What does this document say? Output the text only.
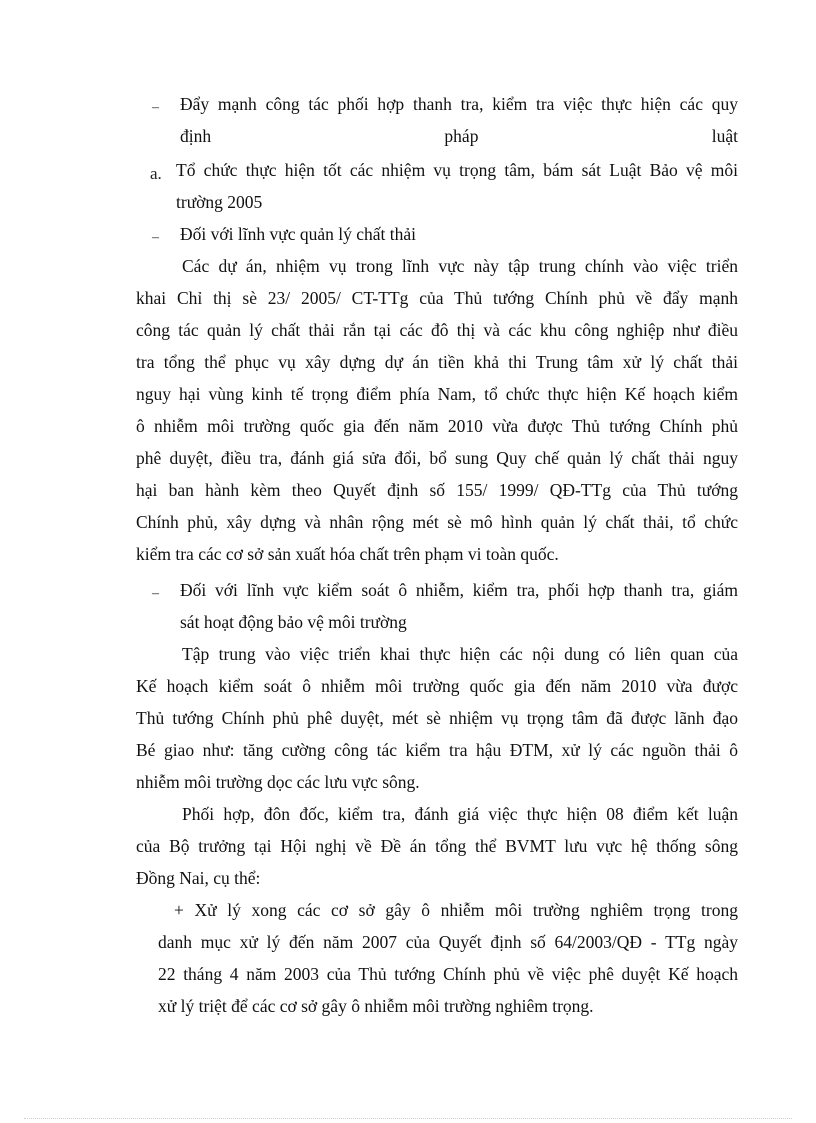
– Đẩy mạnh công tác phối hợp thanh tra, kiểm tra việc thực hiện các quy
định pháp luật
a. Tổ chức thực hiện tốt các nhiệm vụ trọng tâm, bám sát Luật Bảo vệ môi
trường 2005
– Đối với lĩnh vực quản lý chất thải
Các dự án, nhiệm vụ trong lĩnh vực này tập trung chính vào việc triển
khai Chỉ thị sè 23/ 2005/ CT-TTg của Thủ tướng Chính phủ về đẩy mạnh
công tác quản lý chất thải rắn tại các đô thị và các khu công nghiệp như điều
tra tổng thể phục vụ xây dựng dự án tiền khả thi Trung tâm xử lý chất thải
nguy hại vùng kinh tế trọng điểm phía Nam, tổ chức thực hiện Kế hoạch kiểm
ô nhiễm môi trường quốc gia đến năm 2010 vừa được Thủ tướng Chính phủ
phê duyệt, điều tra, đánh giá sửa đổi, bổ sung Quy chế quản lý chất thải nguy
hại ban hành kèm theo Quyết định số 155/ 1999/ QĐ-TTg của Thủ tướng
Chính phủ, xây dựng và nhân rộng mét sè mô hình quản lý chất thải, tổ chức
kiểm tra các cơ sở sản xuất hóa chất trên phạm vi toàn quốc.
– Đối với lĩnh vực kiểm soát ô nhiễm, kiểm tra, phối hợp thanh tra, giám
sát hoạt động bảo vệ môi trường
Tập trung vào việc triển khai thực hiện các nội dung có liên quan của
Kế hoạch kiểm soát ô nhiễm môi trường quốc gia đến năm 2010 vừa được
Thủ tướng Chính phủ phê duyệt, mét sè nhiệm vụ trọng tâm đã được lãnh đạo
Bé giao như: tăng cường công tác kiểm tra hậu ĐTM, xử lý các nguồn thải ô
nhiễm môi trường dọc các lưu vực sông.
Phối hợp, đôn đốc, kiểm tra, đánh giá việc thực hiện 08 điểm kết luận
của Bộ trưởng tại Hội nghị về Đề án tổng thể BVMT lưu vực hệ thống sông
Đồng Nai, cụ thể:
+ Xử lý xong các cơ sở gây ô nhiễm môi trường nghiêm trọng trong
danh mục xử lý đến năm 2007 của Quyết định số 64/2003/QĐ - TTg ngày
22 tháng 4 năm 2003 của Thủ tướng Chính phủ về việc phê duyệt Kế hoạch
xử lý triệt để các cơ sở gây ô nhiễm môi trường nghiêm trọng.
